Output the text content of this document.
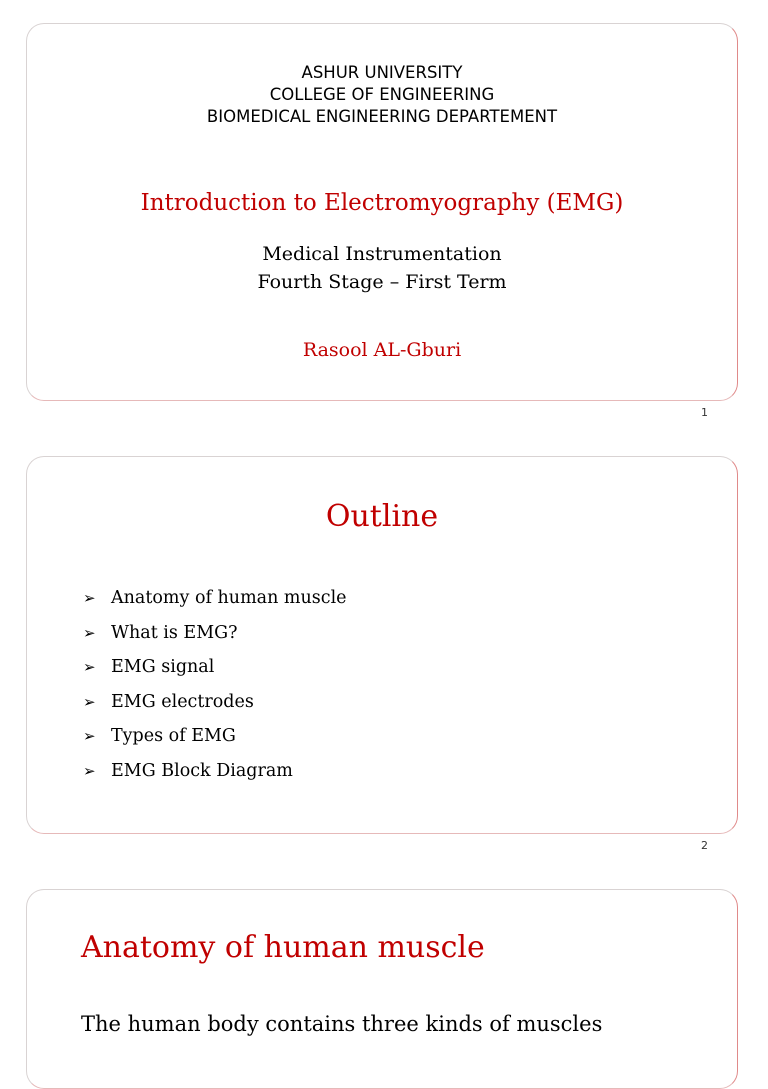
ASHUR UNIVERSITY
COLLEGE OF ENGINEERING
BIOMEDICAL ENGINEERING DEPARTEMENT
Introduction to Electromyography (EMG)
Medical Instrumentation
Fourth Stage – First Term
Rasool AL-Gburi
1
Outline
➢ Anatomy of human muscle
➢ What is EMG?
➢ EMG signal
➢ EMG electrodes
➢ Types of EMG
➢ EMG Block Diagram
2
Anatomy of human muscle
The human body contains three kinds of muscles
